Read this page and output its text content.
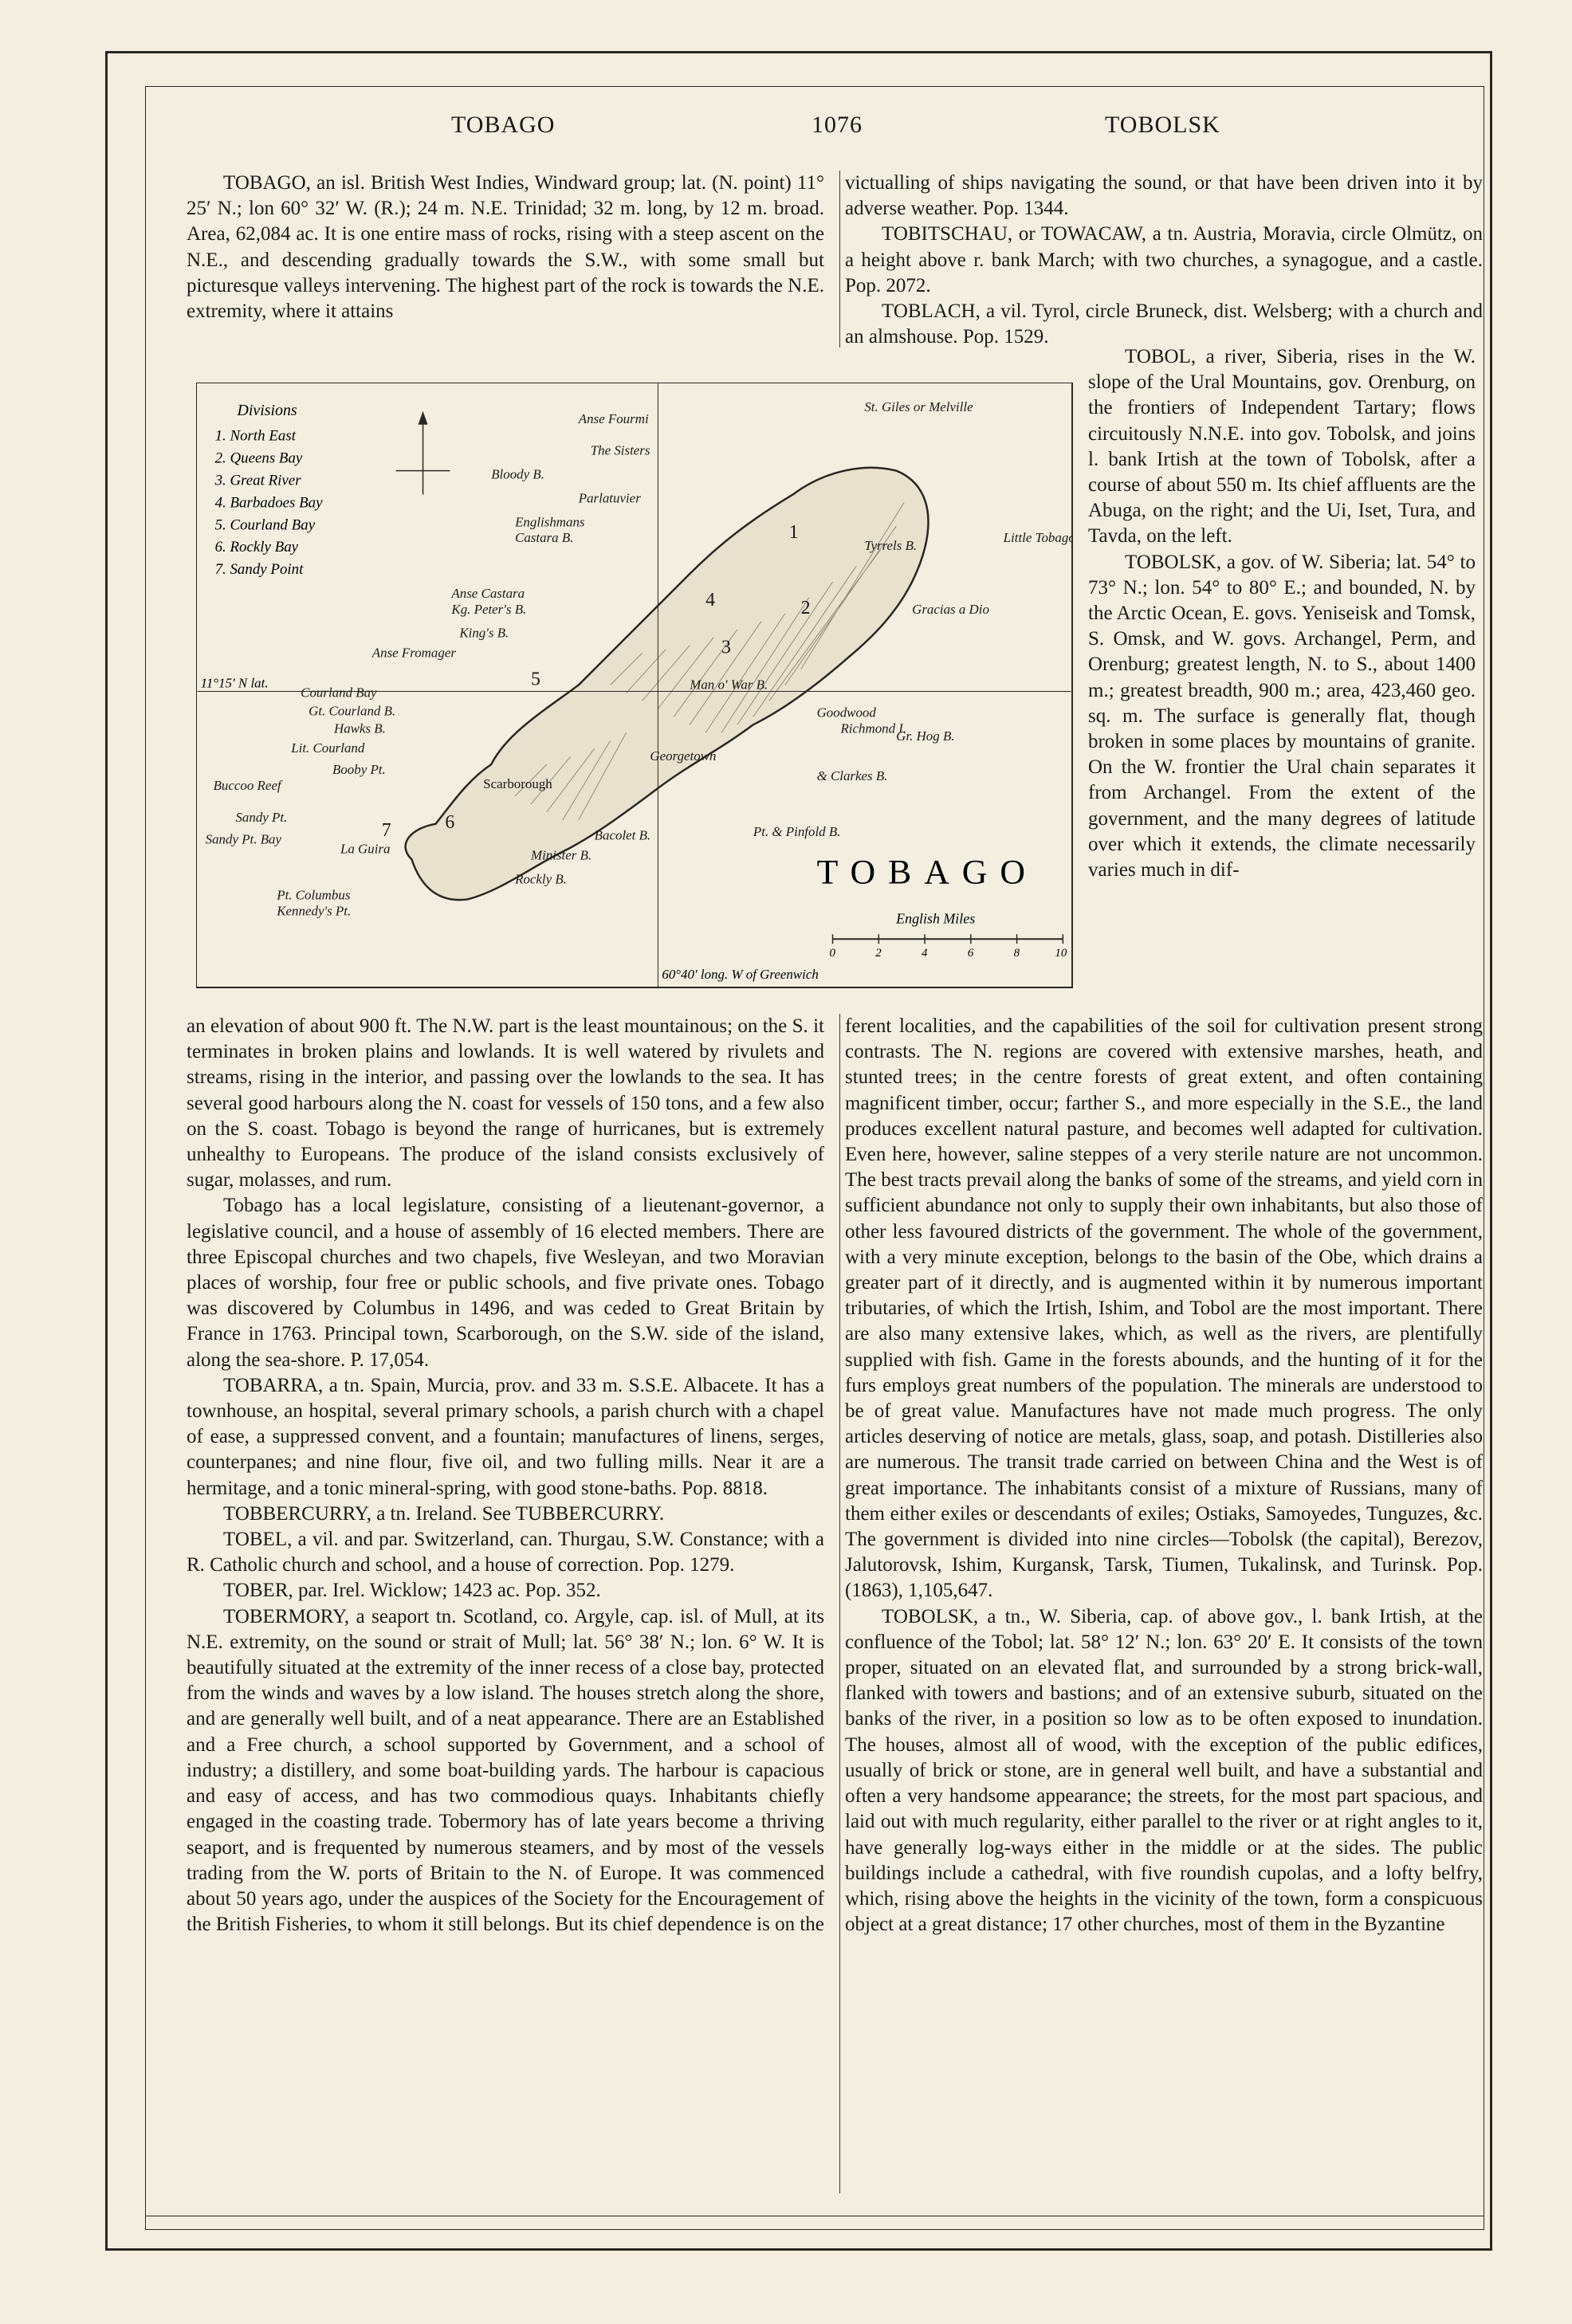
TOBAGO	1076	TOBOLSK

TOBAGO, an isl. British West Indies, Windward group; lat. (N. point) 11° 25′ N.; lon 60° 32′ W. (R.); 24 m. N.E. Trinidad; 32 m. long, by 12 m. broad. Area, 62,084 ac. It is one entire mass of rocks, rising with a steep ascent on the N.E., and descending gradually towards the S.W., with some small but picturesque valleys intervening. The highest part of the rock is towards the N.E. extremity, where it attains

victualling of ships navigating the sound, or that have been driven into it by adverse weather. Pop. 1344.

TOBITSCHAU, or TOWACAW, a tn. Austria, Moravia, circle Olmütz, on a height above r. bank March; with two churches, a synagogue, and a castle. Pop. 2072.

TOBLACH, a vil. Tyrol, circle Bruneck, dist. Welsberg; with a church and an almshouse. Pop. 1529.

1
2
3
4
5
6
7
Divisions
1. North East
2. Queens Bay
3. Great River
4. Barbadoes Bay
5. Courland Bay
6. Rockly Bay
7. Sandy Point
Anse Fourmi
The Sisters
Bloody B.
Parlatuvier
Englishmans
Castara B.
Anse Fromager
Courland Bay
Gt. Courland B.
Hawks B.
Lit. Courland
Booby Pt.
Buccoo Reef
Sandy Pt.
Sandy Pt. Bay
La Guira
Pt. Columbus
Kennedy's Pt.
Scarborough
Georgetown
Rockly B.
Bacolet B.
Minister B.
St. Giles or Melville
Little Tobago
Tyrrels B.
Gr. Hog B.
Goodwood
Richmond I.
& Clarkes B.
Gracias a Dio
Man o' War B.
Anse Castara
Kg. Peter's B.
King's B.
Pt. & Pinfold B.
TOBAGO
English Miles
0	2	4	6	8	10
11°15′ N lat.
60°40′ long. W of Greenwich

TOBOL, a river, Siberia, rises in the W. slope of the Ural Mountains, gov. Orenburg, on the frontiers of Independent Tartary; flows circuitously N.N.E. into gov. Tobolsk, and joins l. bank Irtish at the town of Tobolsk, after a course of about 550 m. Its chief affluents are the Abuga, on the right; and the Ui, Iset, Tura, and Tavda, on the left.

TOBOLSK, a gov. of W. Siberia; lat. 54° to 73° N.; lon. 54° to 80° E.; and bounded, N. by the Arctic Ocean, E. govs. Yeniseisk and Tomsk, S. Omsk, and W. govs. Archangel, Perm, and Orenburg; greatest length, N. to S., about 1400 m.; greatest breadth, 900 m.; area, 423,460 geo. sq. m. The surface is generally flat, though broken in some places by mountains of granite. On the W. frontier the Ural chain separates it from Archangel. From the extent of the government, and the many degrees of latitude over which it extends, the climate necessarily varies much in dif-

an elevation of about 900 ft. The N.W. part is the least mountainous; on the S. it terminates in broken plains and lowlands. It is well watered by rivulets and streams, rising in the interior, and passing over the lowlands to the sea. It has several good harbours along the N. coast for vessels of 150 tons, and a few also on the S. coast. Tobago is beyond the range of hurricanes, but is extremely unhealthy to Europeans. The produce of the island consists exclusively of sugar, molasses, and rum.

Tobago has a local legislature, consisting of a lieutenant-governor, a legislative council, and a house of assembly of 16 elected members. There are three Episcopal churches and two chapels, five Wesleyan, and two Moravian places of worship, four free or public schools, and five private ones. Tobago was discovered by Columbus in 1496, and was ceded to Great Britain by France in 1763. Principal town, Scarborough, on the S.W. side of the island, along the sea-shore. P. 17,054.

TOBARRA, a tn. Spain, Murcia, prov. and 33 m. S.S.E. Albacete. It has a townhouse, an hospital, several primary schools, a parish church with a chapel of ease, a suppressed convent, and a fountain; manufactures of linens, serges, counterpanes; and nine flour, five oil, and two fulling mills. Near it are a hermitage, and a tonic mineral-spring, with good stone-baths. Pop. 8818.

TOBBERCURRY, a tn. Ireland. See TUBBERCURRY.

TOBEL, a vil. and par. Switzerland, can. Thurgau, S.W. Constance; with a R. Catholic church and school, and a house of correction. Pop. 1279.

TOBER, par. Irel. Wicklow; 1423 ac. Pop. 352.

TOBERMORY, a seaport tn. Scotland, co. Argyle, cap. isl. of Mull, at its N.E. extremity, on the sound or strait of Mull; lat. 56° 38′ N.; lon. 6° W. It is beautifully situated at the extremity of the inner recess of a close bay, protected from the winds and waves by a low island. The houses stretch along the shore, and are generally well built, and of a neat appearance. There are an Established and a Free church, a school supported by Government, and a school of industry; a distillery, and some boat-building yards. The harbour is capacious and easy of access, and has two commodious quays. Inhabitants chiefly engaged in the coasting trade. Tobermory has of late years become a thriving seaport, and is frequented by numerous steamers, and by most of the vessels trading from the W. ports of Britain to the N. of Europe. It was commenced about 50 years ago, under the auspices of the Society for the Encouragement of the British Fisheries, to whom it still belongs. But its chief dependence is on the

ferent localities, and the capabilities of the soil for cultivation present strong contrasts. The N. regions are covered with extensive marshes, heath, and stunted trees; in the centre forests of great extent, and often containing magnificent timber, occur; farther S., and more especially in the S.E., the land produces excellent natural pasture, and becomes well adapted for cultivation. Even here, however, saline steppes of a very sterile nature are not uncommon. The best tracts prevail along the banks of some of the streams, and yield corn in sufficient abundance not only to supply their own inhabitants, but also those of other less favoured districts of the government. The whole of the government, with a very minute exception, belongs to the basin of the Obe, which drains a greater part of it directly, and is augmented within it by numerous important tributaries, of which the Irtish, Ishim, and Tobol are the most important. There are also many extensive lakes, which, as well as the rivers, are plentifully supplied with fish. Game in the forests abounds, and the hunting of it for the furs employs great numbers of the population. The minerals are understood to be of great value. Manufactures have not made much progress. The only articles deserving of notice are metals, glass, soap, and potash. Distilleries also are numerous. The transit trade carried on between China and the West is of great importance. The inhabitants consist of a mixture of Russians, many of them either exiles or descendants of exiles; Ostiaks, Samoyedes, Tunguzes, &c. The government is divided into nine circles—Tobolsk (the capital), Berezov, Jalutorovsk, Ishim, Kurgansk, Tarsk, Tiumen, Tukalinsk, and Turinsk. Pop. (1863), 1,105,647.

TOBOLSK, a tn., W. Siberia, cap. of above gov., l. bank Irtish, at the confluence of the Tobol; lat. 58° 12′ N.; lon. 63° 20′ E. It consists of the town proper, situated on an elevated flat, and surrounded by a strong brick-wall, flanked with towers and bastions; and of an extensive suburb, situated on the banks of the river, in a position so low as to be often exposed to inundation. The houses, almost all of wood, with the exception of the public edifices, usually of brick or stone, are in general well built, and have a substantial and often a very handsome appearance; the streets, for the most part spacious, and laid out with much regularity, either parallel to the river or at right angles to it, have generally log-ways either in the middle or at the sides. The public buildings include a cathedral, with five roundish cupolas, and a lofty belfry, which, rising above the heights in the vicinity of the town, form a conspicuous object at a great distance; 17 other churches, most of them in the Byzantine
